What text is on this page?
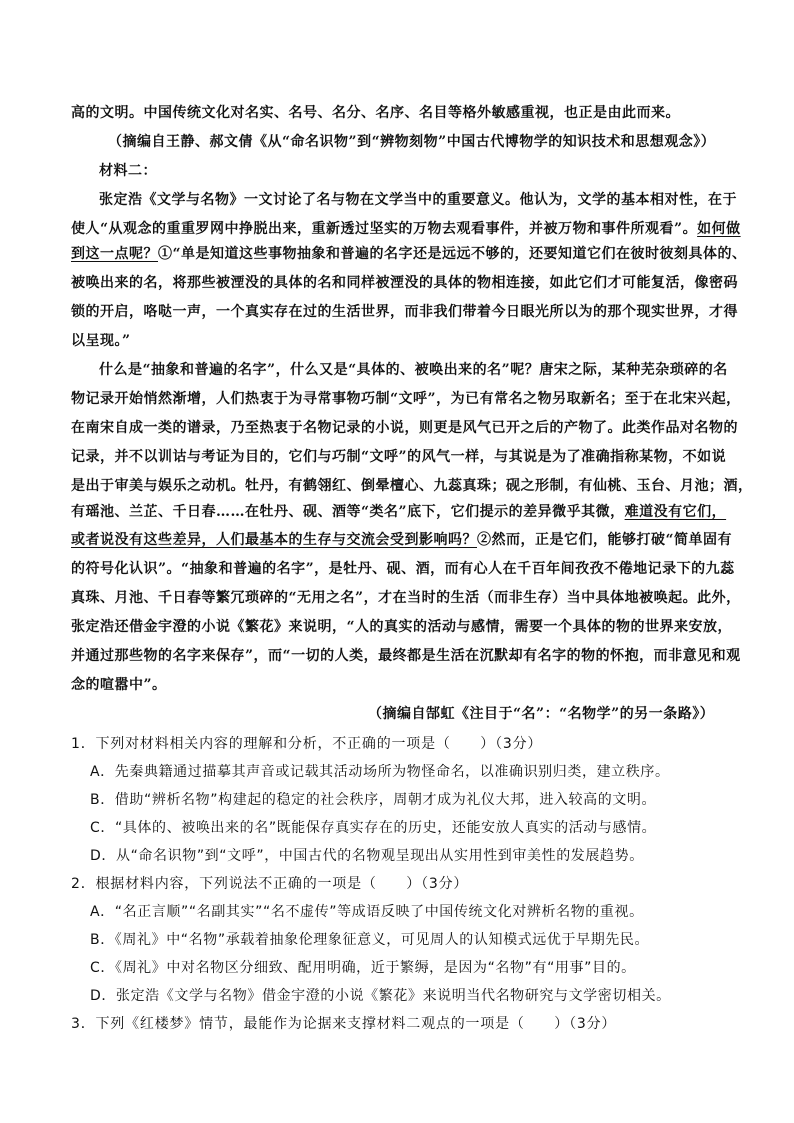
高的文明。中国传统文化对名实、名号、名分、名序、名目等格外敏感重视，也正是由此而来。
（摘编自王静、郝文倩《从“命名识物”到“辨物刻物”中国古代博物学的知识技术和思想观念》）
材料二：
张定浩《文学与名物》一文讨论了名与物在文学当中的重要意义。他认为，文学的基本相对性，在于
使人“从观念的重重罗网中挣脱出来，重新透过坚实的万物去观看事件，并被万物和事件所观看”。如何做
到这一点呢？①“单是知道这些事物抽象和普遍的名字还是远远不够的，还要知道它们在彼时彼刻具体的、
被唤出来的名，将那些被湮没的具体的名和同样被湮没的具体的物相连接，如此它们才可能复活，像密码
锁的开启，咯哒一声，一个真实存在过的生活世界，而非我们带着今日眼光所以为的那个现实世界，才得
以呈现。”
什么是“抽象和普遍的名字”，什么又是“具体的、被唤出来的名”呢？唐宋之际，某种芜杂琐碎的名
物记录开始悄然渐增，人们热衷于为寻常事物巧制“文呼”，为已有常名之物另取新名；至于在北宋兴起，
在南宋自成一类的谱录，乃至热衷于名物记录的小说，则更是风气已开之后的产物了。此类作品对名物的
记录，并不以训诂与考证为目的，它们与巧制“文呼”的风气一样，与其说是为了准确指称某物，不如说
是出于审美与娱乐之动机。牡丹，有鹤翎红、倒晕檀心、九蕊真珠；砚之形制，有仙桃、玉台、月池；酒，
有瑶池、兰芷、千日春……在牡丹、砚、酒等“类名”底下，它们提示的差异微乎其微，难道没有它们，
或者说没有这些差异，人们最基本的生存与交流会受到影响吗？②然而，正是它们，能够打破“简单固有
的符号化认识”。“抽象和普遍的名字”，是牡丹、砚、酒，而有心人在千百年间孜孜不倦地记录下的九蕊
真珠、月池、千日春等繁冗琐碎的“无用之名”，才在当时的生活（而非生存）当中具体地被唤起。此外，
张定浩还借金宇澄的小说《繁花》来说明，“人的真实的活动与感情，需要一个具体的物的世界来安放，
并通过那些物的名字来保存”，而“一切的人类，最终都是生活在沉默却有名字的物的怀抱，而非意见和观
念的喧嚣中”。
（摘编自郜虹《注目于“名”：“名物学”的另一条路》）
1．下列对材料相关内容的理解和分析，不正确的一项是（　　）（3分）
A．先秦典籍通过描摹其声音或记载其活动场所为物怪命名，以准确识别归类，建立秩序。
B．借助“辨析名物”构建起的稳定的社会秩序，周朝才成为礼仪大邦，进入较高的文明。
C．“具体的、被唤出来的名”既能保存真实存在的历史，还能安放人真实的活动与感情。
D．从“命名识物”到“文呼”，中国古代的名物观呈现出从实用性到审美性的发展趋势。
2．根据材料内容，下列说法不正确的一项是（　　）（3分）
A．“名正言顺”“名副其实”“名不虚传”等成语反映了中国传统文化对辨析名物的重视。
B．《周礼》中“名物”承载着抽象伦理象征意义，可见周人的认知模式远优于早期先民。
C．《周礼》中对名物区分细致、配用明确，近于繁缛，是因为“名物”有“用事”目的。
D．张定浩《文学与名物》借金宇澄的小说《繁花》来说明当代名物研究与文学密切相关。
3．下列《红楼梦》情节，最能作为论据来支撑材料二观点的一项是（　　）（3分）
